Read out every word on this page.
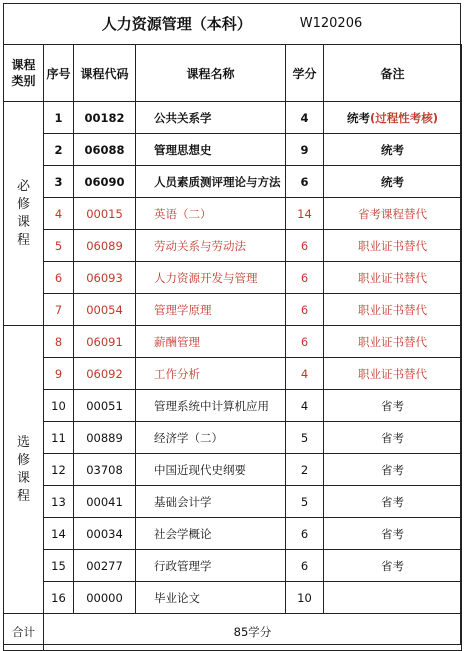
人力资源管理（本科）	W120206
课程类别	序号	课程代码	课程名称	学分	备注

必
修
课
程	1	00182	公共关系学	4	统考(过程性考核)
	2	06088	管理思想史	9	统考
	3	06090	人员素质测评理论与方法	6	统考
	4	00015	英语（二）	14	省考课程替代
	5	06089	劳动关系与劳动法	6	职业证书替代
	6	06093	人力资源开发与管理	6	职业证书替代
	7	00054	管理学原理	6	职业证书替代

选
修
课
程	8	06091	薪酬管理	6	职业证书替代
	9	06092	工作分析	4	职业证书替代
	10	00051	管理系统中计算机应用	4	省考
	11	00889	经济学（二）	5	省考
	12	03708	中国近现代史纲要	2	省考
	13	00041	基础会计学	5	省考
	14	00034	社会学概论	6	省考
	15	00277	行政管理学	6	省考
	16	00000	毕业论文	10	
合计	85学分				
